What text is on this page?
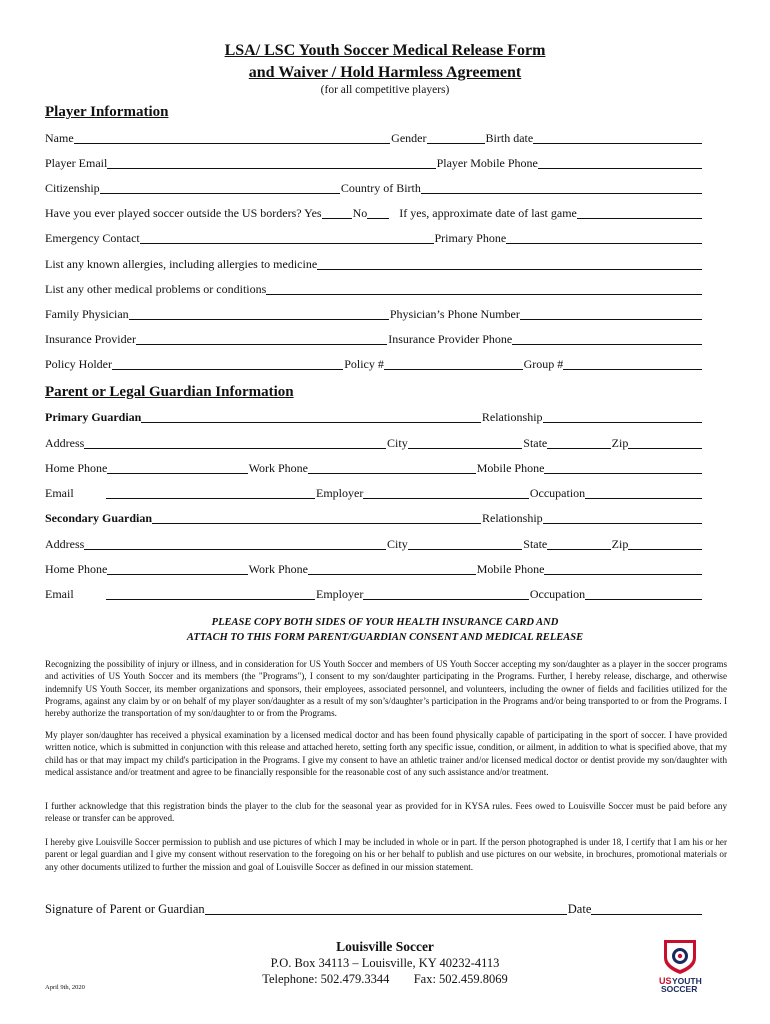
LSA/ LSC Youth Soccer Medical Release Form
and Waiver / Hold Harmless Agreement
(for all competitive players)
Player Information
Name	Gender	Birth date
Player Email	Player Mobile Phone
Citizenship	Country of Birth
Have you ever played soccer outside the US borders? Yes	No	If yes, approximate date of last game
Emergency Contact	Primary Phone
List any known allergies, including allergies to medicine
List any other medical problems or conditions
Family Physician	Physician’s Phone Number
Insurance Provider	Insurance Provider Phone
Policy Holder	Policy #	Group #
Parent or Legal Guardian Information
Primary Guardian	Relationship
Address	City	State	Zip
Home Phone	Work Phone	Mobile Phone
Email	Employer	Occupation
Secondary Guardian	Relationship
Address	City	State	Zip
Home Phone	Work Phone	Mobile Phone
Email	Employer	Occupation
PLEASE COPY BOTH SIDES OF YOUR HEALTH INSURANCE CARD AND
ATTACH TO THIS FORM PARENT/GUARDIAN CONSENT AND MEDICAL RELEASE
Recognizing the possibility of injury or illness, and in consideration for US Youth Soccer and members of US Youth Soccer accepting my son/daughter as a player in the soccer programs and activities of US Youth Soccer and its members (the "Programs"), I consent to my son/daughter participating in the Programs. Further, I hereby release, discharge, and otherwise indemnify US Youth Soccer, its member organizations and sponsors, their employees, associated personnel, and volunteers, including the owner of fields and facilities utilized for the Programs, against any claim by or on behalf of my player son/daughter as a result of my son’s/daughter’s participation in the Programs and/or being transported to or from the Programs. I hereby authorize the transportation of my son/daughter to or from the Programs.
My player son/daughter has received a physical examination by a licensed medical doctor and has been found physically capable of participating in the sport of soccer. I have provided written notice, which is submitted in conjunction with this release and attached hereto, setting forth any specific issue, condition, or ailment, in addition to what is specified above, that my child has or that may impact my child's participation in the Programs. I give my consent to have an athletic trainer and/or licensed medical doctor or dentist provide my son/daughter with medical assistance and/or treatment and agree to be financially responsible for the reasonable cost of any such assistance and/or treatment.
I further acknowledge that this registration binds the player to the club for the seasonal year as provided for in KYSA rules. Fees owed to Louisville Soccer must be paid before any release or transfer can be approved.
I hereby give Louisville Soccer permission to publish and use pictures of which I may be included in whole or in part. If the person photographed is under 18, I certify that I am his or her parent or legal guardian and I give my consent without reservation to the foregoing on his or her behalf to publish and use pictures on our website, in brochures, promotional materials or any other documents utilized to further the mission and goal of Louisville Soccer as defined in our mission statement.
Signature of Parent or Guardian	Date
Louisville Soccer
P.O. Box 34113 – Louisville, KY 40232-4113
Telephone: 502.479.3344 Fax: 502.459.8069
April 9th, 2020
US YOUTH
SOCCER
